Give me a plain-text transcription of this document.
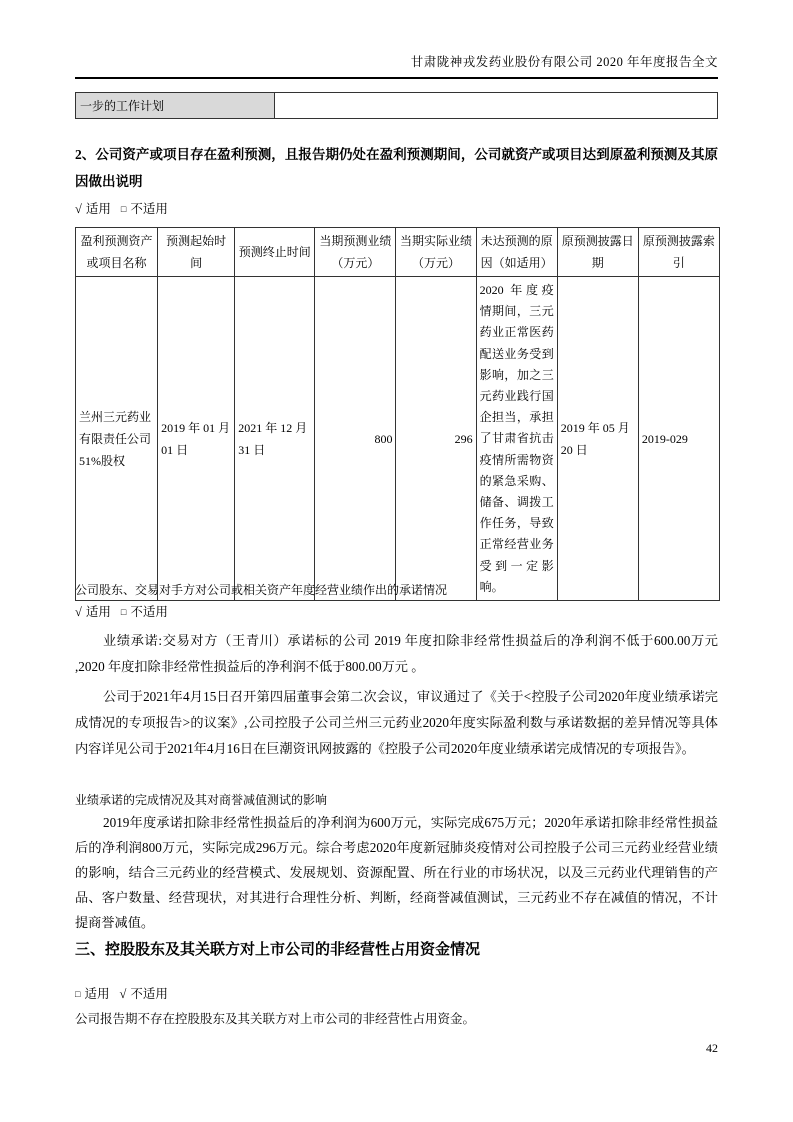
甘肃陇神戎发药业股份有限公司 2020 年年度报告全文
一步的工作计划	
2、公司资产或项目存在盈利预测，且报告期仍处在盈利预测期间，公司就资产或项目达到原盈利预测及其原因做出说明
√ 适用 □ 不适用
盈利预测资产或项目名称	预测起始时间	预测终止时间	当期预测业绩（万元）	当期实际业绩（万元）	未达预测的原因（如适用）	原预测披露日期	原预测披露索引
兰州三元药业有限责任公司51%股权	2019 年 01 月 01 日	2021 年 12 月 31 日	800	296	2020 年度疫情期间，三元药业正常医药配送业务受到影响，加之三元药业践行国企担当，承担了甘肃省抗击疫情所需物资的紧急采购、储备、调拨工作任务，导致正常经营业务受到一定影响。	2019 年 05 月 20 日	2019-029
公司股东、交易对手方对公司或相关资产年度经营业绩作出的承诺情况
√ 适用 □ 不适用
业绩承诺:交易对方（王青川）承诺标的公司 2019 年度扣除非经常性损益后的净利润不低于600.00万元 ,2020 年度扣除非经常性损益后的净利润不低于800.00万元 。
公司于2021年4月15日召开第四届董事会第二次会议，审议通过了《关于<控股子公司2020年度业绩承诺完成情况的专项报告>的议案》,公司控股子公司兰州三元药业2020年度实际盈利数与承诺数据的差异情况等具体内容详见公司于2021年4月16日在巨潮资讯网披露的《控股子公司2020年度业绩承诺完成情况的专项报告》。
业绩承诺的完成情况及其对商誉减值测试的影响
2019年度承诺扣除非经常性损益后的净利润为600万元，实际完成675万元；2020年承诺扣除非经常性损益后的净利润800万元，实际完成296万元。综合考虑2020年度新冠肺炎疫情对公司控股子公司三元药业经营业绩的影响，结合三元药业的经营模式、发展规划、资源配置、所在行业的市场状况，以及三元药业代理销售的产品、客户数量、经营现状，对其进行合理性分析、判断，经商誉减值测试，三元药业不存在减值的情况，不计提商誉减值。
三、控股股东及其关联方对上市公司的非经营性占用资金情况
□ 适用 √ 不适用
公司报告期不存在控股股东及其关联方对上市公司的非经营性占用资金。
42
